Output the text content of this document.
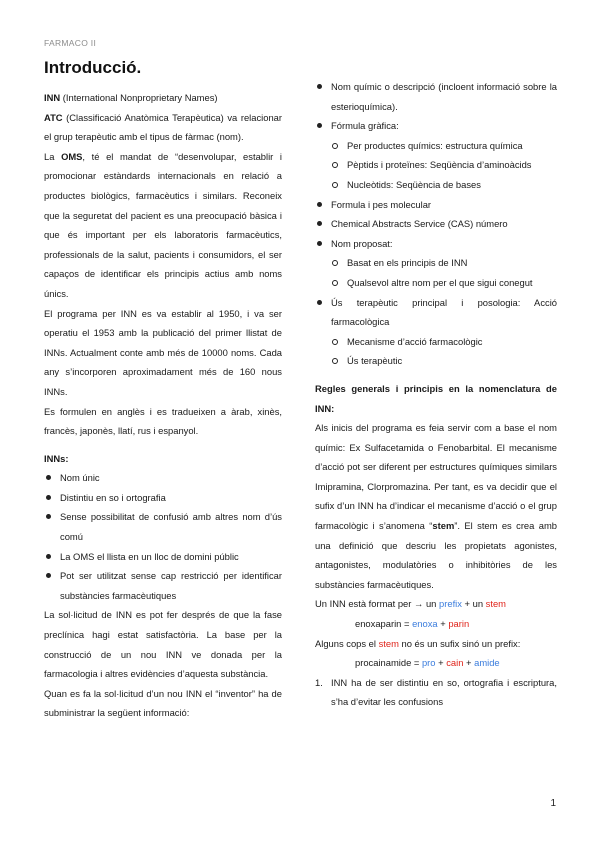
FARMACO II
Introducció.

INN (International Nonproprietary Names)

ATC (Classificació Anatòmica Terapèutica) va relacionar el grup terapèutic amb el tipus de fàrmac (nom).

La OMS, té el mandat de “desenvolupar, establir i promocionar estàndards internacionals en relació a productes biològics, farmacèutics i similars. Reconeix que la seguretat del pacient es una preocupació bàsica i que és important per els laboratoris farmacèutics, professionals de la salut, pacients i consumidors, el ser capaços de identificar els principis actius amb noms únics.

El programa per INN es va establir al 1950, i va ser operatiu el 1953 amb la publicació del primer llistat de INNs. Actualment conte amb més de 10000 noms. Cada any s’incorporen aproximadament més de 160 nous INNs.

Es formulen en anglès i es tradueixen a àrab, xinès, francès, japonès, llatí, rus i espanyol.

INNs:

Nom únic
Distintiu en so i ortografia
Sense possibilitat de confusió amb altres nom d’ús comú
La OMS el llista en un lloc de domini públic
Pot ser utilitzat sense cap restricció per identificar substàncies farmacèutiques

La sol·licitud de INN es pot fer després de que la fase preclínica hagi estat satisfactòria. La base per la construcció de un nou INN ve donada per la farmacologia i altres evidències d’aquesta substància.

Quan es fa la sol·licitud d’un nou INN el “inventor” ha de subministrar la següent informació:

Nom químic o descripció (incloent informació sobre la esterioquímica).
Fórmula gràfica:
Per productes químics: estructura química
Pèptids i proteïnes: Seqüència d’aminoàcids
Nucleòtids: Seqüència de bases
Formula i pes molecular
Chemical Abstracts Service (CAS) número
Nom proposat:
Basat en els principis de INN
Qualsevol altre nom per el que sigui conegut
Ús terapèutic principal i posologia: Acció farmacològica
Mecanisme d’acció farmacològic
Ús terapèutic

Regles generals i principis en la nomenclatura de INN:

Als inicis del programa es feia servir com a base el nom químic: Ex Sulfacetamida o Fenobarbital. El mecanisme d’acció pot ser diferent per estructures químiques similars Imipramina, Clorpromazina. Per tant, es va decidir que el sufix d’un INN ha d’indicar el mecanisme d’acció o el grup farmacològic i s’anomena “stem”. El stem es crea amb una definició que descriu les propietats agonistes, antagonistes, modulatòries o inhibitòries de les substàncies farmacèutiques.

Un INN està format per → un prefix + un stem

enoxaparin = enoxa + parin

Alguns cops el stem no és un sufix sinó un prefix:

procainamide = pro + cain + amide

1. INN ha de ser distintiu en so, ortografia i escriptura, s’ha d’evitar les confusions
1
